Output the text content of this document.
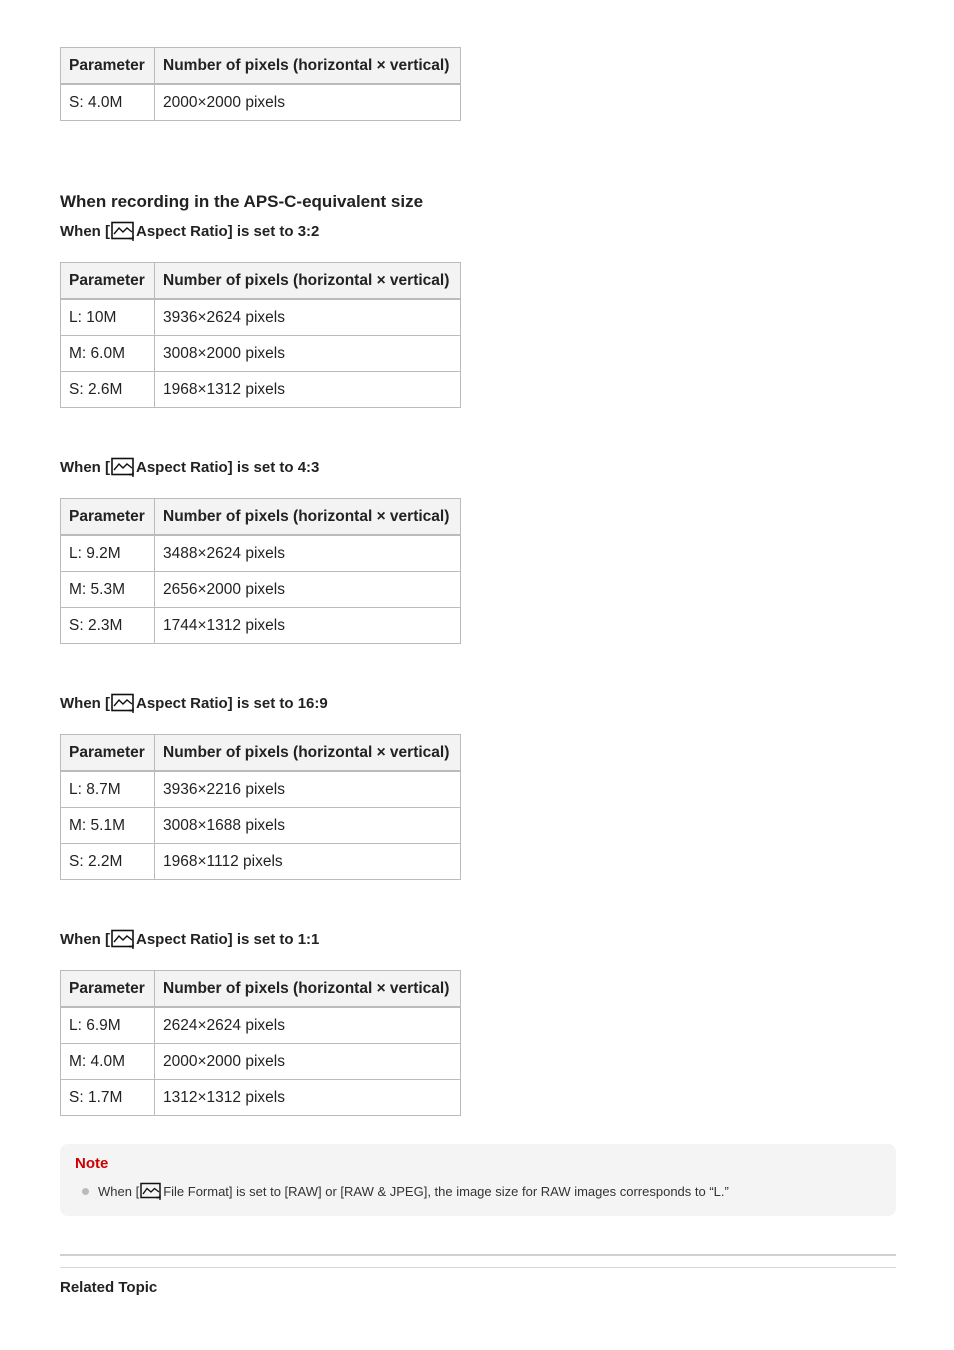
Parameter	Number of pixels (horizontal × vertical)
S: 4.0M	2000×2000 pixels
When recording in the APS-C-equivalent size
When [ Aspect Ratio] is set to 3:2
Parameter	Number of pixels (horizontal × vertical)
L: 10M	3936×2624 pixels
M: 6.0M	3008×2000 pixels
S: 2.6M	1968×1312 pixels
When [ Aspect Ratio] is set to 4:3
Parameter	Number of pixels (horizontal × vertical)
L: 9.2M	3488×2624 pixels
M: 5.3M	2656×2000 pixels
S: 2.3M	1744×1312 pixels
When [ Aspect Ratio] is set to 16:9
Parameter	Number of pixels (horizontal × vertical)
L: 8.7M	3936×2216 pixels
M: 5.1M	3008×1688 pixels
S: 2.2M	1968×1112 pixels
When [ Aspect Ratio] is set to 1:1
Parameter	Number of pixels (horizontal × vertical)
L: 6.9M	2624×2624 pixels
M: 4.0M	2000×2000 pixels
S: 1.7M	1312×1312 pixels
Note
When [ File Format] is set to [RAW] or [RAW & JPEG], the image size for RAW images corresponds to “L.”
Related Topic
